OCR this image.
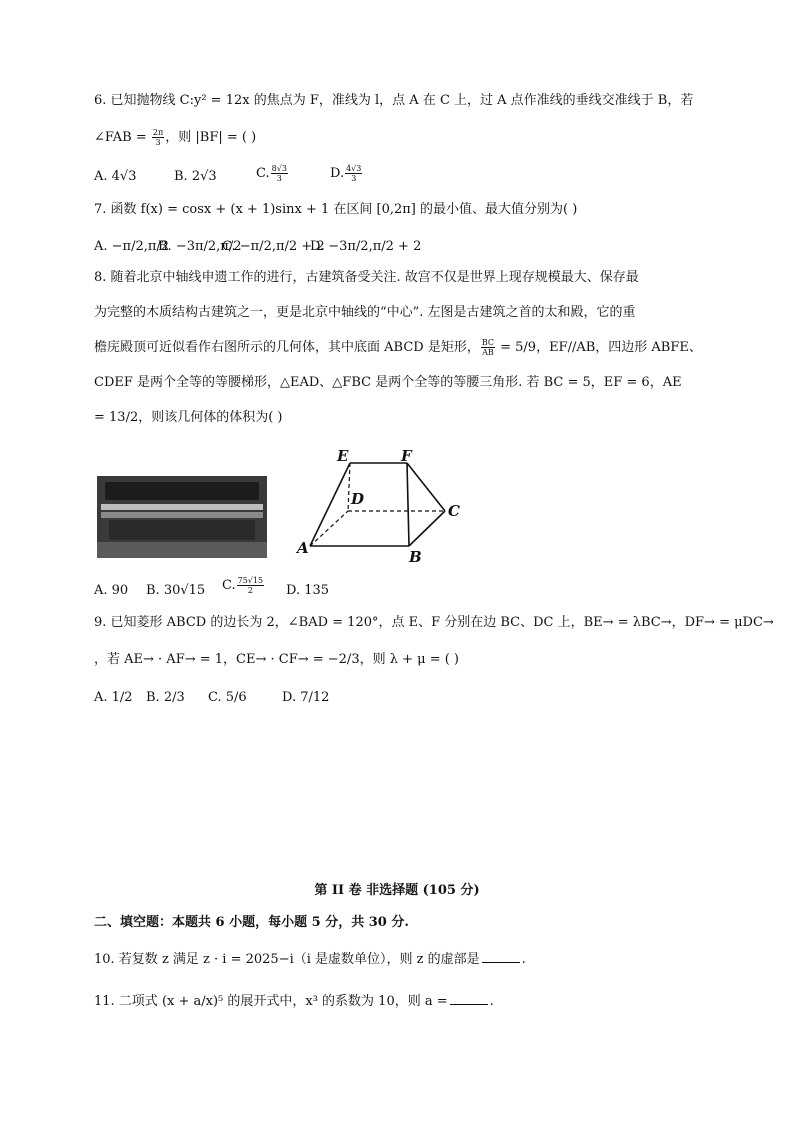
6. 已知抛物线 C:y² = 12x 的焦点为 F，准线为 l，点 A 在 C 上，过 A 点作准线的垂线交准线于 B，若
∠FAB = $\frac{2\pi}{3}$ ，则 |BF| = ( )
A. 4√3	B. 2√3	C. $\frac{8√3}{3}$	D. $\frac{4√3}{3}$
7. 函数 f(x) = cosx + (x + 1)sinx + 1 在区间 [0,2π] 的最小值、最大值分别为( )
A. −π/2,π/2
B. −3π/2,π/2
C. −π/2,π/2 + 2
D. −3π/2,π/2 + 2
8. 随着北京中轴线申遗工作的进行，古建筑备受关注. 故宫不仅是世界上现存规模最大、保存最
为完整的木质结构古建筑之一，更是北京中轴线的“中心”. 左图是古建筑之首的太和殿，它的重
檐庑殿顶可近似看作右图所示的几何体，其中底面 ABCD 是矩形， $\frac{BC}{AB} = 5/9$，EF//AB，四边形 ABFE、
CDEF 是两个全等的等腰梯形，△EAD、△FBC 是两个全等的等腰三角形. 若 BC = 5，EF = 6，AE
= 13/2，则该几何体的体积为( )
E	F
D
C
A	B
A. 90 B. 30√15 C. $\frac{75√15}{2} D$. 135
9. 已知菱形 ABCD 的边长为 2，∠BAD = 120°，点 E、F 分别在边 BC、DC 上，BE→ = λBC→，DF→ = μDC→
，若 AE→ · AF→ = 1，CE→ · CF→ = −2/3，则 λ + μ = ( )
A. 1/2 B. 2/3 C. 5/6	D. 7/12
第 II 卷 非选择题 (105 分)
二、填空题：本题共 6 小题，每小题 5 分，共 30 分.
10. 若复数 z 满足 z · i = 2025−i（i 是虚数单位），则 z 的虚部是	.
11. 二项式 (x + a/x)⁵ 的展开式中，x³ 的系数为 10，则 a =	.
